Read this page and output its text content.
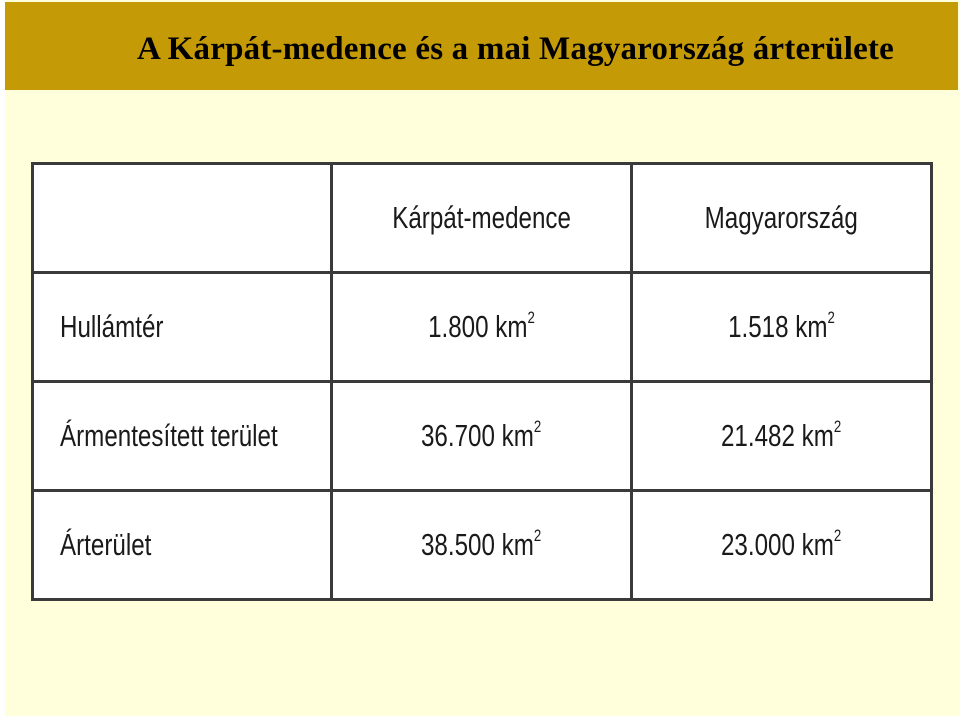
A Kárpát-medence és a mai Magyarország árterülete
	Kárpát-medence	Magyarország
Hullámtér	1.800 $km^2$	1.518 $km^2$
Ármentesített terület	36.700 $km^2$	21.482 $km^2$
Árterület	38.500 $km^2$	23.000 $km^2$
